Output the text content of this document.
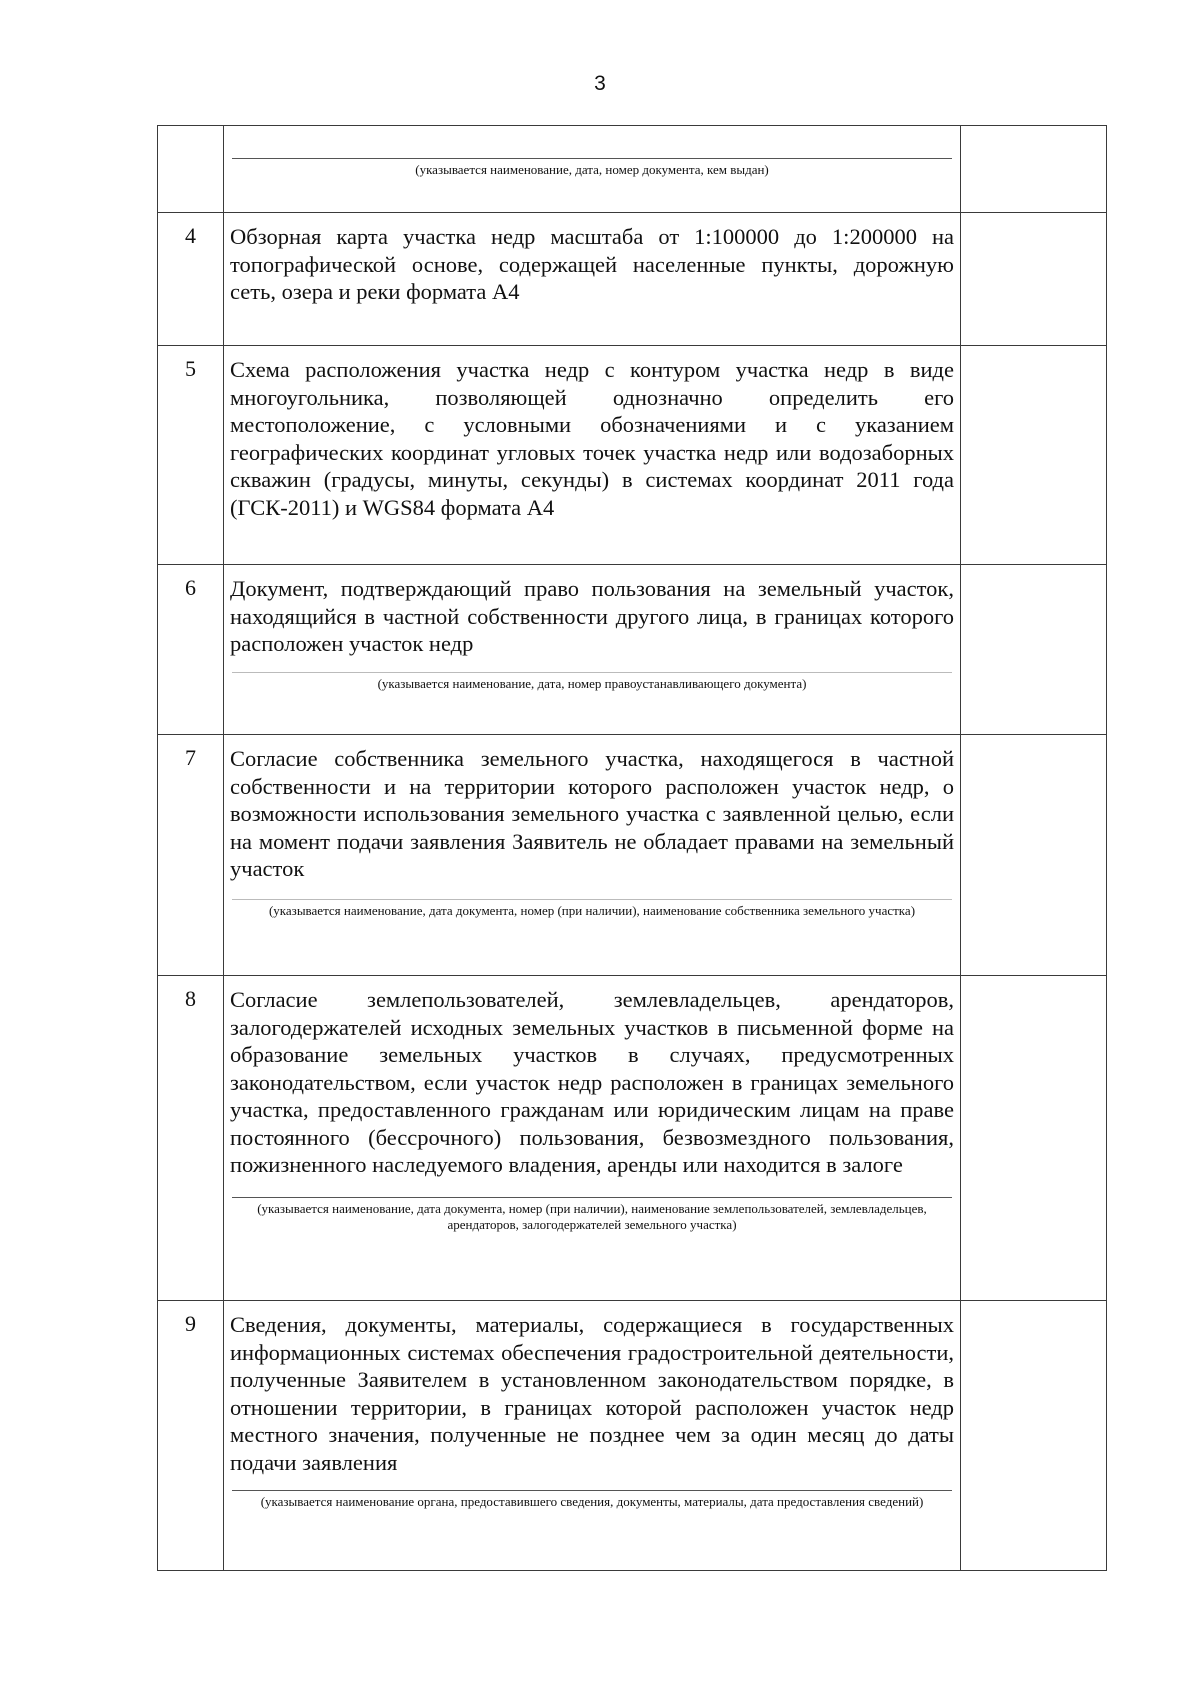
3

	(указывается наименование, дата, номер документа, кем выдан)	

4	Обзорная карта участка недр масштаба от 1:100000 до 1:200000 на топографической основе, содержащей населенные пункты, дорожную сеть, озера и реки формата А4	

5	Схема расположения участка недр с контуром участка недр в виде многоугольника, позволяющей однозначно определить его местоположение, с условными обозначениями и с указанием географических координат угловых точек участка недр или водозаборных скважин (градусы, минуты, секунды) в системах координат 2011 года (ГСК-2011) и WGS84 формата А4	

6	Документ, подтверждающий право пользования на земельный участок, находящийся в частной собственности другого лица, в границах которого расположен участок недр
(указывается наименование, дата, номер правоустанавливающего документа)	

7	Согласие собственника земельного участка, находящегося в частной собственности и на территории которого расположен участок недр, о возможности использования земельного участка с заявленной целью, если на момент подачи заявления Заявитель не обладает правами на земельный участок
(указывается наименование, дата документа, номер (при наличии), наименование собственника земельного участка)	

8	Согласие землепользователей, землевладельцев, арендаторов, залогодержателей исходных земельных участков в письменной форме на образование земельных участков в случаях, предусмотренных законодательством, если участок недр расположен в границах земельного участка, предоставленного гражданам или юридическим лицам на праве постоянного (бессрочного) пользования, безвозмездного пользования, пожизненного наследуемого владения, аренды или находится в залоге
(указывается наименование, дата документа, номер (при наличии), наименование землепользователей, землевладельцев, арендаторов, залогодержателей земельного участка)	

9	Сведения, документы, материалы, содержащиеся в государственных информационных системах обеспечения градостроительной деятельности, полученные Заявителем в установленном законодательством порядке, в отношении территории, в границах которой расположен участок недр местного значения, полученные не позднее чем за один месяц до даты подачи заявления
(указывается наименование органа, предоставившего сведения, документы, материалы, дата предоставления сведений)	
